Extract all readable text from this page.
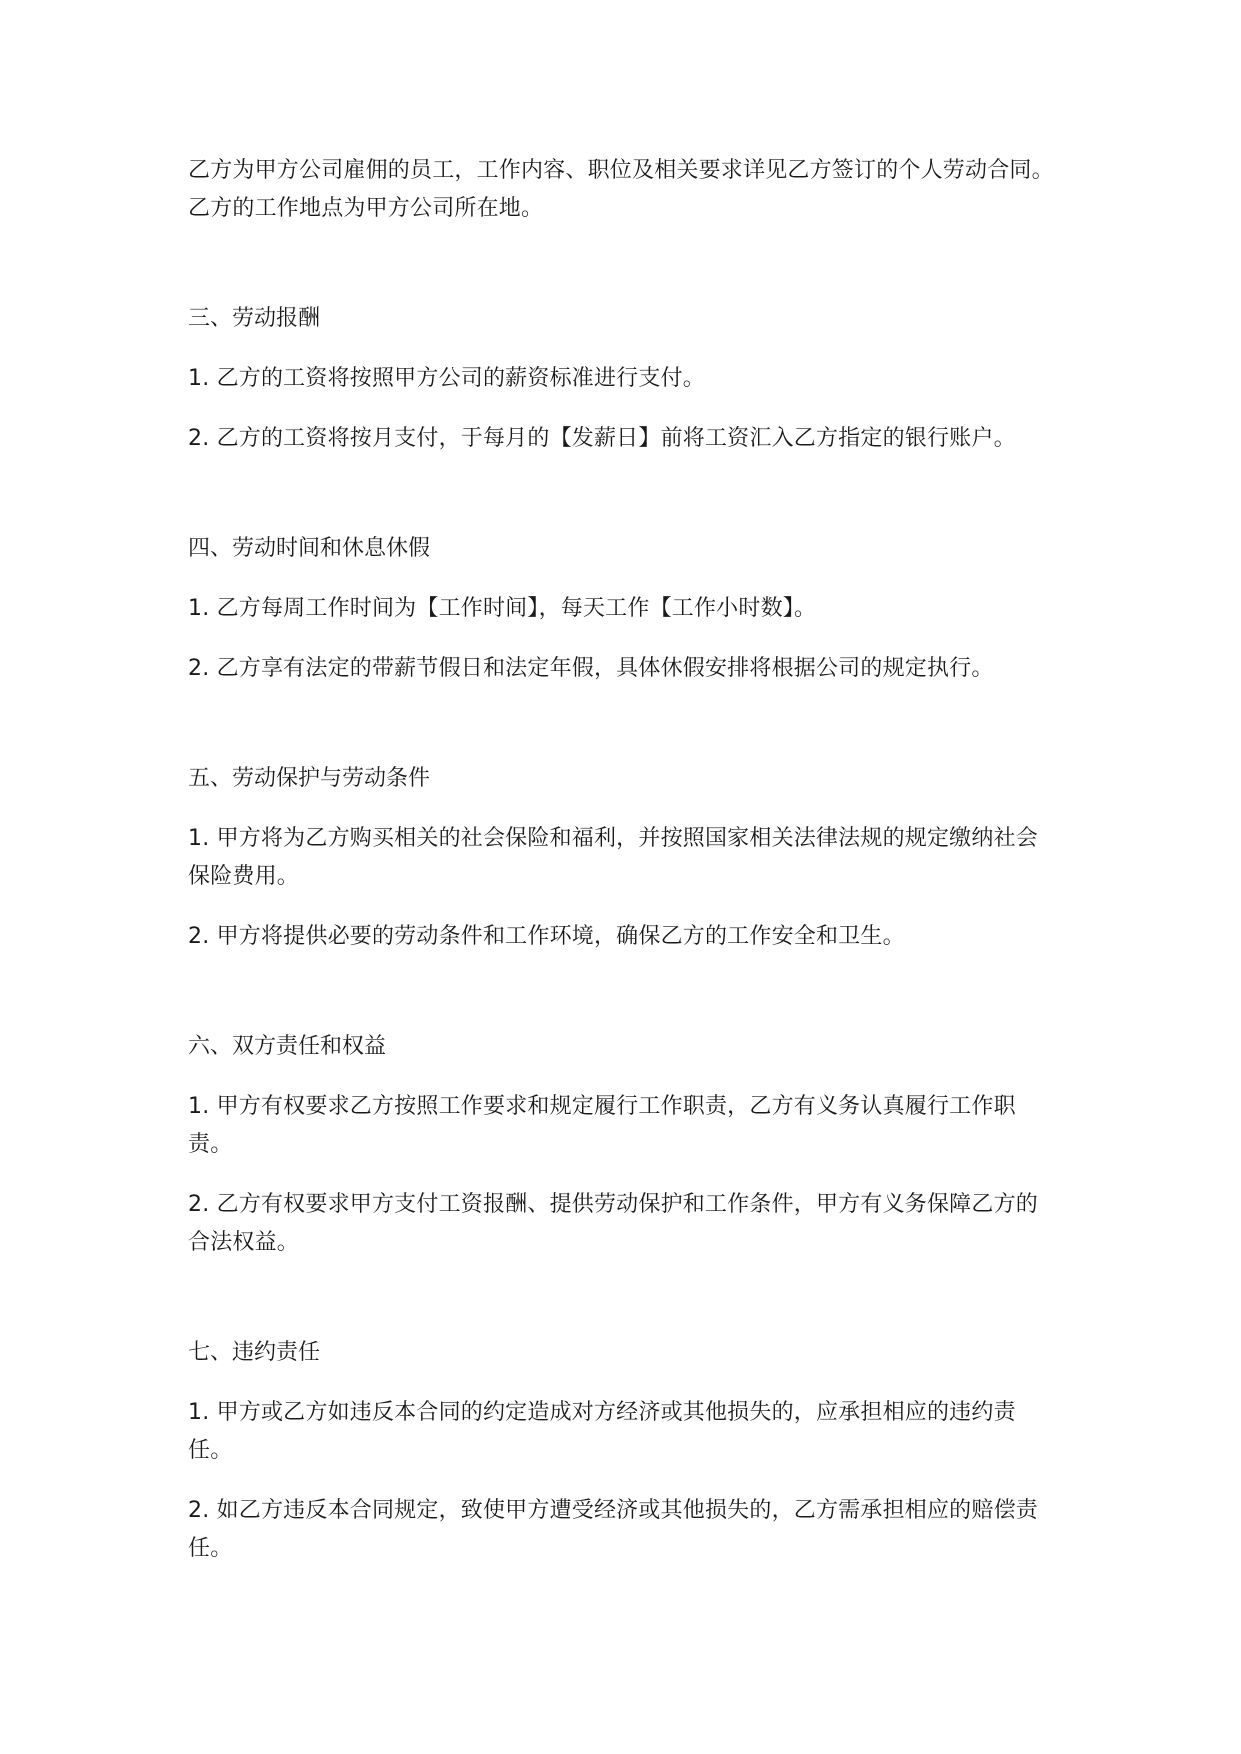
乙方为甲方公司雇佣的员工，工作内容、职位及相关要求详见乙方签订的个人劳动合同。乙方的工作地点为甲方公司所在地。

三、劳动报酬

1. 乙方的工资将按照甲方公司的薪资标准进行支付。

2. 乙方的工资将按月支付，于每月的【发薪日】前将工资汇入乙方指定的银行账户。

四、劳动时间和休息休假

1. 乙方每周工作时间为【工作时间】，每天工作【工作小时数】。

2. 乙方享有法定的带薪节假日和法定年假，具体休假安排将根据公司的规定执行。

五、劳动保护与劳动条件

1. 甲方将为乙方购买相关的社会保险和福利，并按照国家相关法律法规的规定缴纳社会保险费用。

2. 甲方将提供必要的劳动条件和工作环境，确保乙方的工作安全和卫生。

六、双方责任和权益

1. 甲方有权要求乙方按照工作要求和规定履行工作职责，乙方有义务认真履行工作职责。

2. 乙方有权要求甲方支付工资报酬、提供劳动保护和工作条件，甲方有义务保障乙方的合法权益。

七、违约责任

1. 甲方或乙方如违反本合同的约定造成对方经济或其他损失的，应承担相应的违约责任。

2. 如乙方违反本合同规定，致使甲方遭受经济或其他损失的，乙方需承担相应的赔偿责任。
